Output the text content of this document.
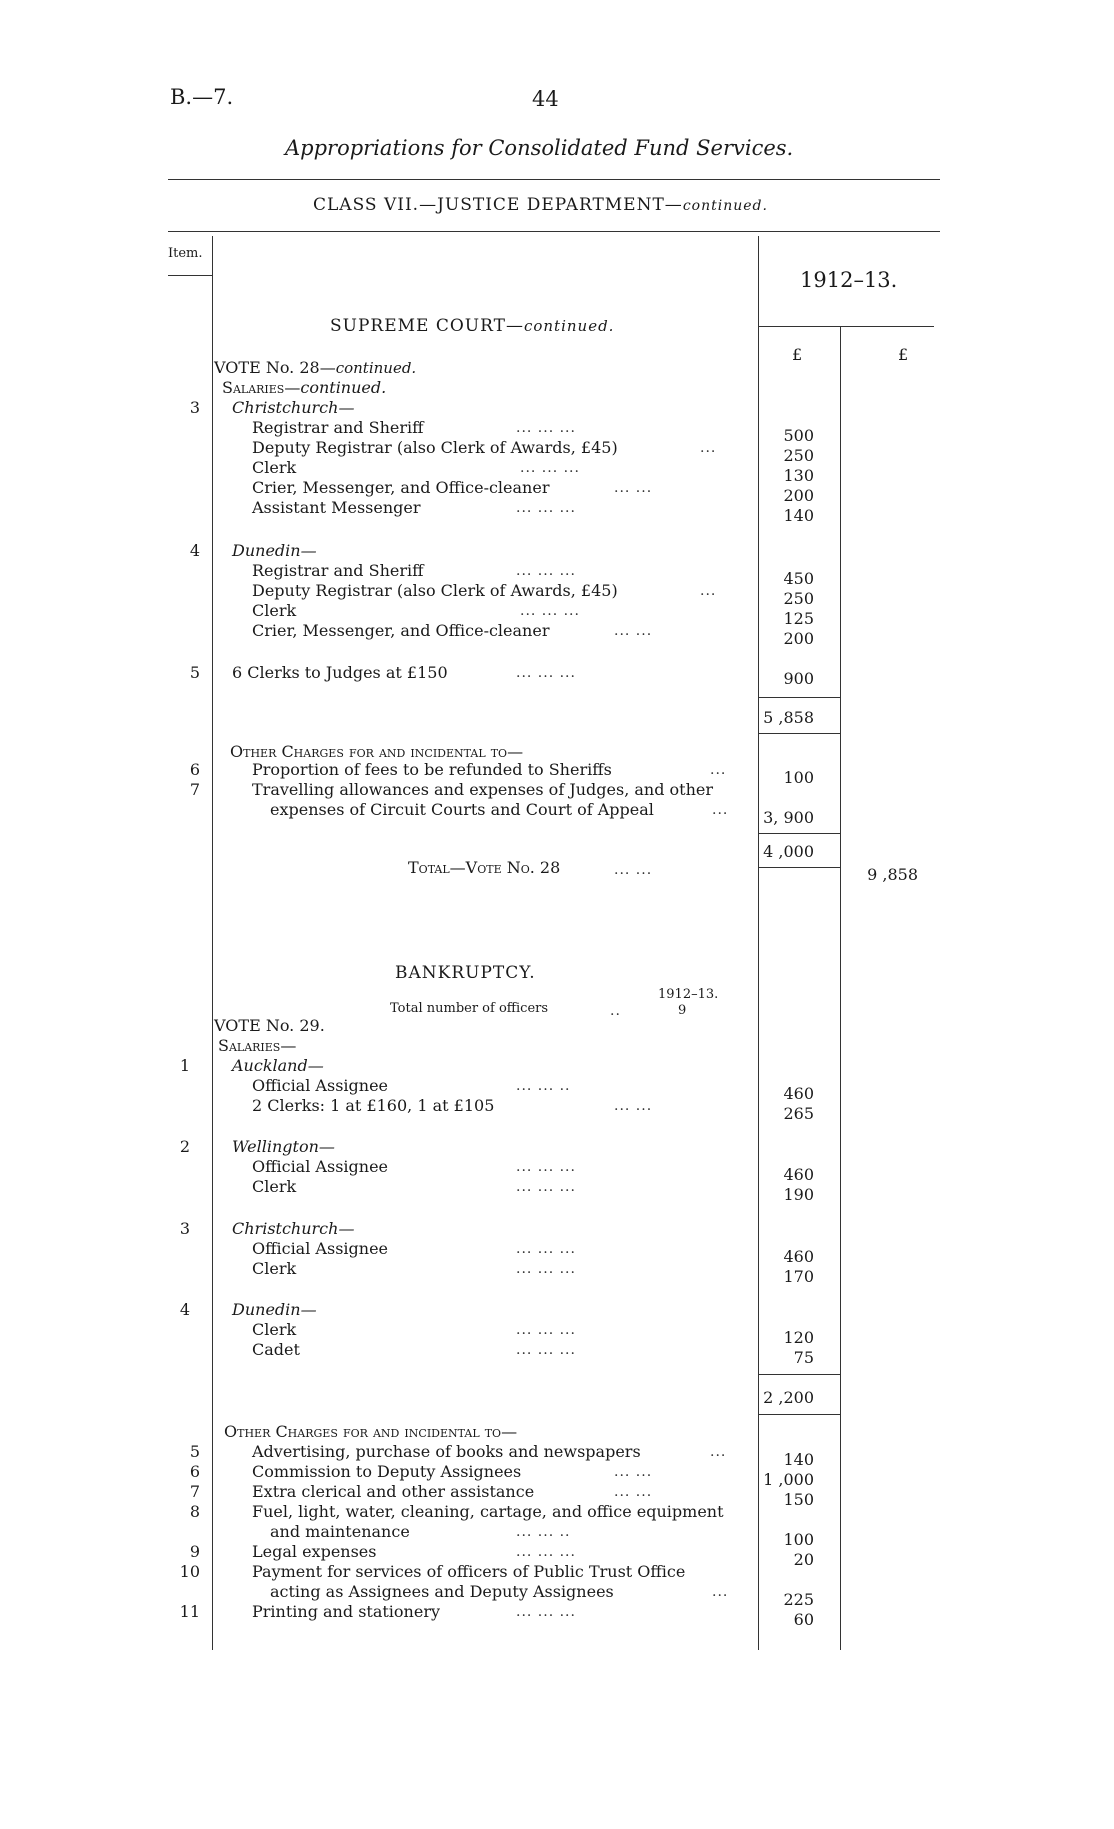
B.—7.	44
Appropriations for Consolidated Fund Services.
CLASS VII.—JUSTICE DEPARTMENT—continued.
Item.
1912–13.
£	£
SUPREME COURT—continued.
VOTE No. 28—continued.
Salaries—continued.
3 Christchurch—
Registrar and Sheriff	... ... ...	500
Deputy Registrar (also Clerk of Awards, £45)	...	250
Clerk	... ... ...	130
Crier, Messenger, and Office-cleaner	... ...	200
Assistant Messenger	... ... ...	140
4 Dunedin—
Registrar and Sheriff	... ... ...	450
Deputy Registrar (also Clerk of Awards, £45)	...	250
Clerk	... ... ...	125
Crier, Messenger, and Office-cleaner	... ...	200
5 6 Clerks to Judges at £150	... ... ...	900
5 ,858
Other Charges for and incidental to—
6	Proportion of fees to be refunded to Sheriffs	...	100
7	Travelling allowances and expenses of Judges, and other
expenses of Circuit Courts and Court of Appeal	...	3, 900
4 ,000
Total—Vote No. 28	... ...	9 ,858
BANKRUPTCY.
1912–13.
Total number of officers	..	9
VOTE No. 29.
Salaries—
1	Auckland—
Official Assignee	... ... ..	460
2 Clerks: 1 at £160, 1 at £105	... ...	265
2	Wellington—
Official Assignee	... ... ...	460
Clerk	... ... ...	190
3	Christchurch—
Official Assignee	... ... ...	460
Clerk	... ... ...	170
4	Dunedin—
Clerk	... ... ...	120
Cadet	... ... ...	75
2 ,200
Other Charges for and incidental to—
5	Advertising, purchase of books and newspapers	...	140
6	Commission to Deputy Assignees	... ...	1 ,000
7	Extra clerical and other assistance	... ...	150
8	Fuel, light, water, cleaning, cartage, and office equipment
and maintenance	... ... ..	100
9	Legal expenses	... ... ...	20
10	Payment for services of officers of Public Trust Office
acting as Assignees and Deputy Assignees	...	225
11	Printing and stationery	... ... ...	60
